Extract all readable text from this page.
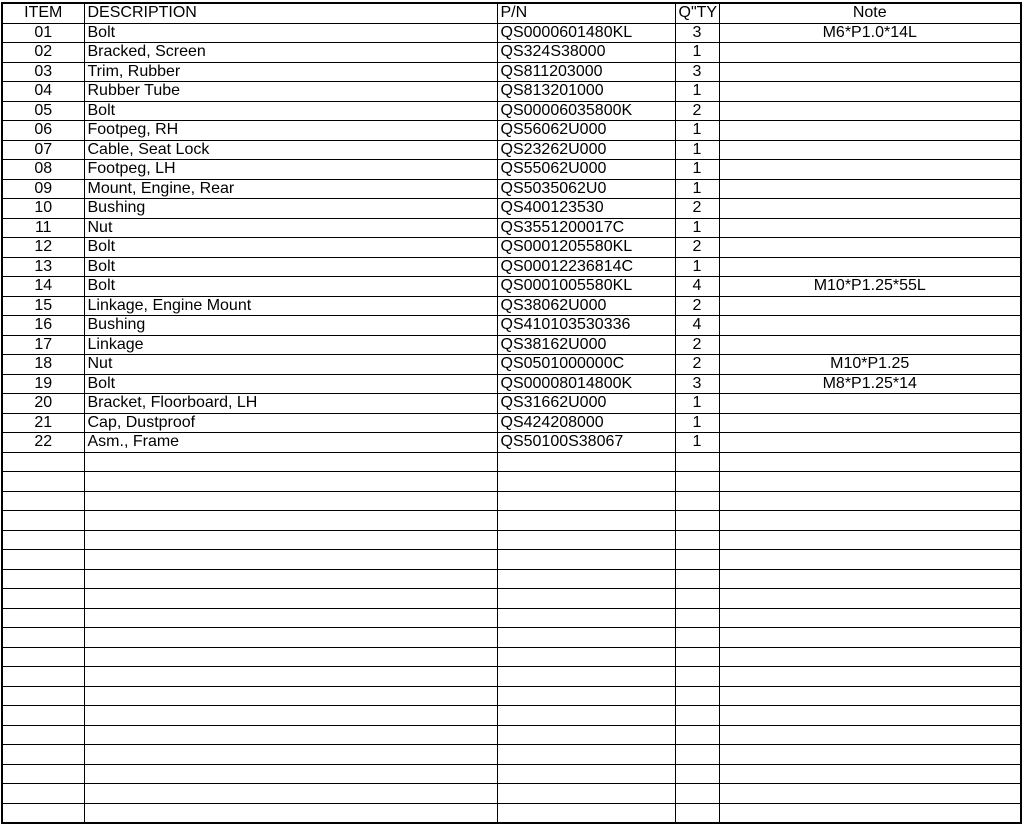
ITEM	DESCRIPTION	P/N	Q"TY	Note
01	Bolt	QS0000601480KL	3	M6*P1.0*14L
02	Bracked, Screen	QS324S38000	1	
03	Trim, Rubber	QS811203000	3	
04	Rubber Tube	QS813201000	1	
05	Bolt	QS00006035800K	2	
06	Footpeg, RH	QS56062U000	1	
07	Cable, Seat Lock	QS23262U000	1	
08	Footpeg, LH	QS55062U000	1	
09	Mount, Engine, Rear	QS5035062U0	1	
10	Bushing	QS400123530	2	
11	Nut	QS3551200017C	1	
12	Bolt	QS0001205580KL	2	
13	Bolt	QS00012236814C	1	
14	Bolt	QS0001005580KL	4	M10*P1.25*55L
15	Linkage, Engine Mount	QS38062U000	2	
16	Bushing	QS410103530336	4	
17	Linkage	QS38162U000	2	
18	Nut	QS0501000000C	2	M10*P1.25
19	Bolt	QS00008014800K	3	M8*P1.25*14
20	Bracket, Floorboard, LH	QS31662U000	1	
21	Cap, Dustproof	QS424208000	1	
22	Asm., Frame	QS50100S38067	1	
